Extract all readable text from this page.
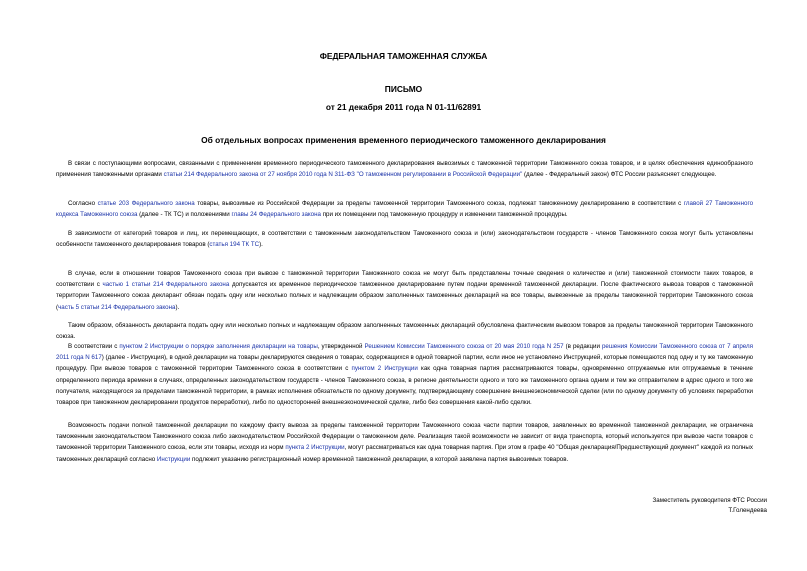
ФЕДЕРАЛЬНАЯ ТАМОЖЕННАЯ СЛУЖБА
ПИСЬМО
от 21 декабря 2011 года N 01-11/62891
Об отдельных вопросах применения временного периодического таможенного декларирования
В связи с поступающими вопросами, связанными с применением временного периодического таможенного декларирования вывозимых с таможенной территории Таможенного союза товаров, и в целях обеспечения единообразного применения таможенными органами статьи 214 Федерального закона от 27 ноября 2010 года N 311-ФЗ "О таможенном регулировании в Российской Федерации" (далее - Федеральный закон) ФТС России разъясняет следующее.
Согласно статье 203 Федерального закона товары, вывозимые из Российской Федерации за пределы таможенной территории Таможенного союза, подлежат таможенному декларированию в соответствии с главой 27 Таможенного кодекса Таможенного союза (далее - ТК ТС) и положениями главы 24 Федерального закона при их помещении под таможенную процедуру и изменении таможенной процедуры.
В зависимости от категорий товаров и лиц, их перемещающих, в соответствии с таможенным законодательством Таможенного союза и (или) законодательством государств - членов Таможенного союза могут быть установлены особенности таможенного декларирования товаров (статья 194 ТК ТС).
В случае, если в отношении товаров Таможенного союза при вывозе с таможенной территории Таможенного союза не могут быть представлены точные сведения о количестве и (или) таможенной стоимости таких товаров, в соответствии с частью 1 статьи 214 Федерального закона допускается их временное периодическое таможенное декларирование путем подачи временной таможенной декларации. После фактического вывоза товаров с таможенной территории Таможенного союза декларант обязан подать одну или несколько полных и надлежащим образом заполненных таможенных деклараций на все товары, вывезенные за пределы таможенной территории Таможенного союза (часть 5 статьи 214 Федерального закона).
Таким образом, обязанность декларанта подать одну или несколько полных и надлежащим образом заполненных таможенных деклараций обусловлена фактическим вывозом товаров за пределы таможенной территории Таможенного союза.
В соответствии с пунктом 2 Инструкции о порядке заполнения декларации на товары, утвержденной Решением Комиссии Таможенного союза от 20 мая 2010 года N 257 (в редакции решения Комиссии Таможенного союза от 7 апреля 2011 года N 617) (далее - Инструкция), в одной декларации на товары декларируются сведения о товарах, содержащихся в одной товарной партии, если иное не установлено Инструкцией, которые помещаются под одну и ту же таможенную процедуру. При вывозе товаров с таможенной территории Таможенного союза в соответствии с пунктом 2 Инструкции как одна товарная партия рассматриваются товары, одновременно отгружаемые или отгружаемые в течение определенного периода времени в случаях, определенных законодательством государств - членов Таможенного союза, в регионе деятельности одного и того же таможенного органа одним и тем же отправителем в адрес одного и того же получателя, находящегося за пределами таможенной территории, в рамках исполнения обязательств по одному документу, подтверждающему совершение внешнеэкономической сделки (или по одному документу об условиях переработки товаров при таможенном декларировании продуктов переработки), либо по односторонней внешнеэкономической сделке, либо без совершения какой-либо сделки.
Возможность подачи полной таможенной декларации по каждому факту вывоза за пределы таможенной территории Таможенного союза части партии товаров, заявленных во временной таможенной декларации, не ограничена таможенным законодательством Таможенного союза либо законодательством Российской Федерации о таможенном деле. Реализация такой возможности не зависит от вида транспорта, который используется при вывозе части товаров с таможенной территории Таможенного союза, если эти товары, исходя из норм пункта 2 Инструкции, могут рассматриваться как одна товарная партия. При этом в графе 40 "Общая декларация/Предшествующий документ" каждой из полных таможенных деклараций согласно Инструкции подлежит указанию регистрационный номер временной таможенной декларации, в которой заявлена партия вывозимых товаров.
Заместитель руководителя ФТС России
Т.Голендеева
